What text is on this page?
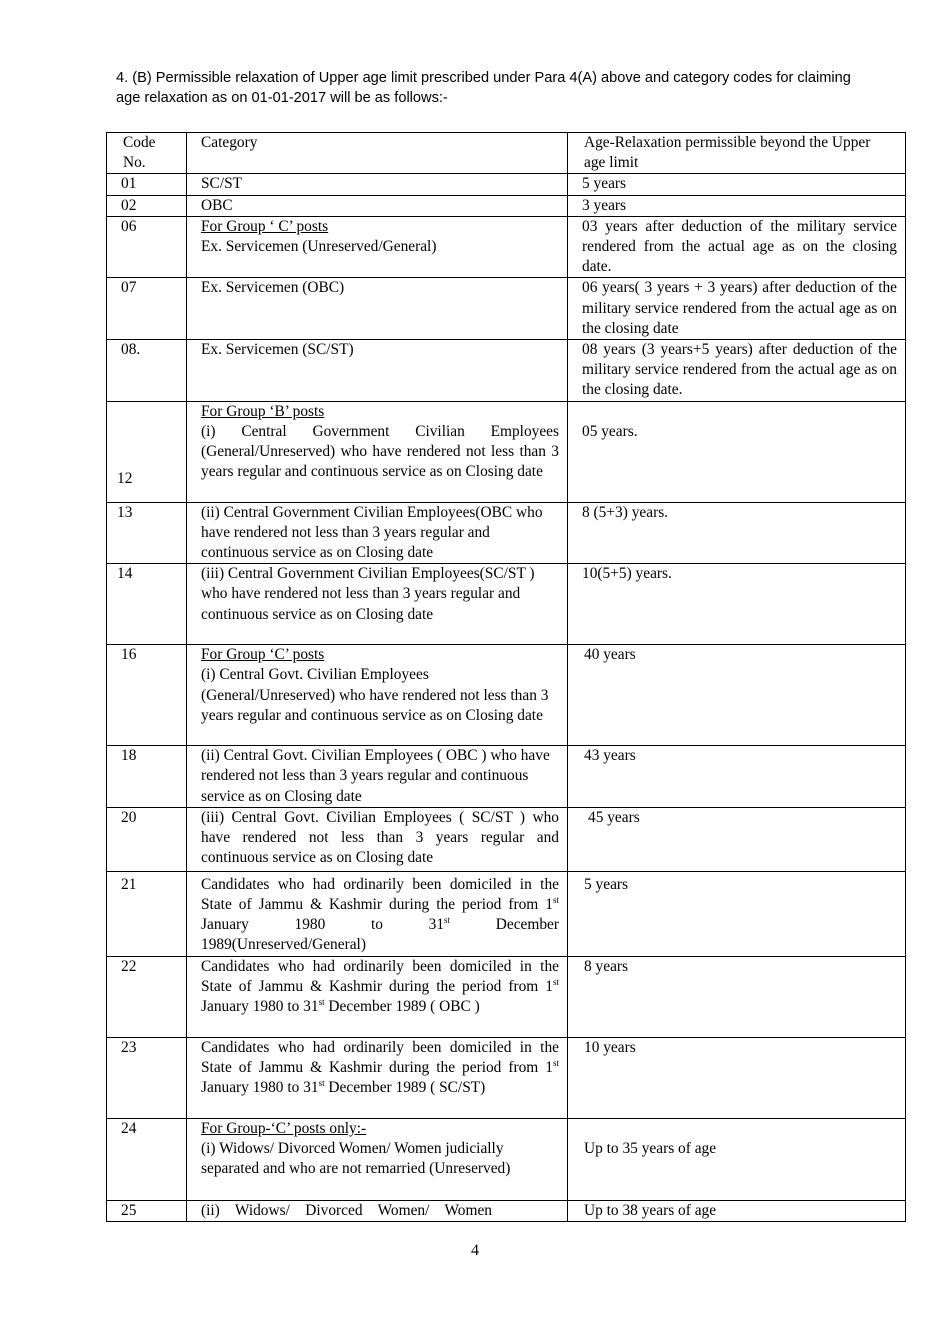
4. (B) Permissible relaxation of Upper age limit prescribed under Para 4(A) above and category codes for claiming age relaxation as on 01-01-2017 will be as follows:-

Code No.	Category	Age-Relaxation permissible beyond the Upper age limit
01	SC/ST	5 years
02	OBC	3 years
06	For Group ‘ C’ posts
Ex. Servicemen (Unreserved/General)	03 years after deduction of the military service rendered from the actual age as on the closing date.
07	Ex. Servicemen (OBC)	06 years( 3 years + 3 years) after deduction of the military service rendered from the actual age as on the closing date
08.	Ex. Servicemen (SC/ST)	08 years (3 years+5 years) after deduction of the military service rendered from the actual age as on the closing date.
12	For Group ‘B’ posts
(i) Central Government Civilian Employees (General/Unreserved) who have rendered not less than 3 years regular and continuous service as on Closing date	05 years.
13	(ii) Central Government Civilian Employees(OBC who have rendered not less than 3 years regular and continuous service as on Closing date	8 (5+3) years.
14	(iii) Central Government Civilian Employees(SC/ST ) who have rendered not less than 3 years regular and continuous service as on Closing date	10(5+5) years.
16	For Group ‘C’ posts
(i) Central Govt. Civilian Employees (General/Unreserved) who have rendered not less than 3 years regular and continuous service as on Closing date	40 years
18	(ii) Central Govt. Civilian Employees ( OBC ) who have rendered not less than 3 years regular and continuous service as on Closing date	43 years
20	(iii) Central Govt. Civilian Employees ( SC/ST ) who have rendered not less than 3 years regular and continuous service as on Closing date	45 years
21	Candidates who had ordinarily been domiciled in the State of Jammu & Kashmir during the period from 1st January 1980 to 31st December 1989(Unreserved/General)	5 years
22	Candidates who had ordinarily been domiciled in the State of Jammu & Kashmir during the period from 1st January 1980 to 31st December 1989 ( OBC )	8 years
23	Candidates who had ordinarily been domiciled in the State of Jammu & Kashmir during the period from 1st January 1980 to 31st December 1989 ( SC/ST)	10 years
24	For Group-‘C’ posts only:-
(i) Widows/ Divorced Women/ Women judicially separated and who are not remarried (Unreserved)	Up to 35 years of age
25	(ii)    Widows/    Divorced    Women/    Women	Up to 38 years of age
4
